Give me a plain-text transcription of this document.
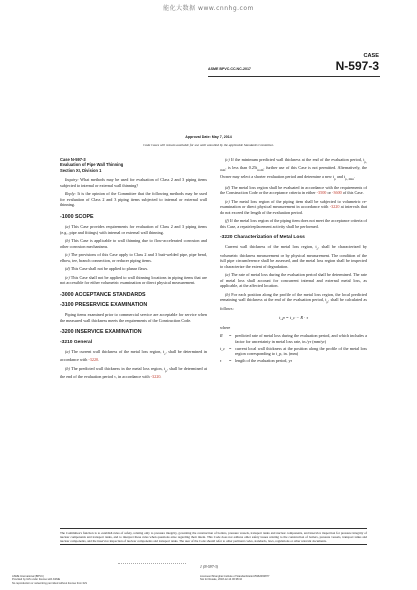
能化大数据 www.cnnhg.com
CASE
N-597-3
ASME BPVC.CC.NC-2017
Approval Date: May 7, 2014
Code Cases will remain available for use until annulled by the applicable Standards Committee.
Case N-597-3
Evaluation of Pipe Wall Thinning
Section XI, Division 1

Inquiry: What methods may be used for evaluation of Class 2 and 3 piping items subjected to internal or external wall thinning?

Reply: It is the opinion of the Committee that the following methods may be used for evaluation of Class 2 and 3 piping items subjected to internal or external wall thinning.

-1000 SCOPE

(a) This Case provides requirements for evaluation of Class 2 and 3 piping items (e.g., pipe and fittings) with internal or external wall thinning.

(b) This Case is applicable to wall thinning due to flow-accelerated corrosion and other corrosion mechanisms.

(c) The provisions of this Case apply to Class 2 and 3 butt-welded pipe, pipe bend, elbow, tee, branch connection, or reducer piping items.

(d) This Case shall not be applied to planar flaws.

(e) This Case shall not be applied to wall thinning locations in piping items that are not accessible for either volumetric examination or direct physical measurement.

-3000 ACCEPTANCE STANDARDS
-3100 PRESERVICE EXAMINATION

Piping items examined prior to commercial service are acceptable for service when the measured wall thickness meets the requirements of the Construction Code.

-3200 INSERVICE EXAMINATION
-3210 General

(a) The current wall thickness of the metal loss region, $t_c$, shall be determined in accordance with -3220.

(b) The predicted wall thickness in the metal loss region, $t_p$, shall be determined at the end of the evaluation period τ, in accordance with -3220.

(c) If the minimum predicted wall thickness at the end of the evaluation period, $t_{p, min}$, is less than $0.25t_{nom}$, further use of this Case is not permitted. Alternatively, the Owner may select a shorter evaluation period and determine a new $t_p$ and $t_{p, min}$.

(d) The metal loss region shall be evaluated in accordance with the requirements of the Construction Code or the acceptance criteria in either -3500 or -3600 of this Case.

(e) The metal loss region of the piping item shall be subjected to volumetric re-examination or direct physical measurement in accordance with -3220 at intervals that do not exceed the length of the evaluation period.

(f) If the metal loss region of the piping item does not meet the acceptance criteria of this Case, a repair/replacement activity shall be performed.

-3220 Characterization of Metal Loss

Current wall thickness of the metal loss region, $t_c$, shall be characterized by volumetric thickness measurement or by physical measurement. The condition of the full pipe circumference shall be assessed, and the metal loss region shall be inspected to characterize the extent of degradation.

(a) The rate of metal loss during the evaluation period shall be determined. The rate of metal loss shall account for concurrent internal and external metal loss, as applicable, at the affected location.

(b) For each position along the profile of the metal loss region, the local predicted remaining wall thickness at the end of the evaluation period, $t_p$, shall be calculated as follows:

t_p = t_c − R · τ

where

R	= predicted rate of metal loss during the evaluation period, and which includes a factor for uncertainty in metal loss rate, in./yr (mm/yr)
t_c = current local wall thickness at the position along the profile of the metal loss region corresponding to t_p, in. (mm)
τ	= length of the evaluation period, yr
The Committee's function is to establish rules of safety, relating only to pressure integrity, governing the construction of boilers, pressure vessels, transport tanks and nuclear components, and inservice inspection for pressure integrity of nuclear components and transport tanks, and to interpret these rules when questions arise regarding their intent. This Code does not address other safety issues relating to the construction of boilers, pressure vessels, transport tanks and nuclear components, and the inservice inspection of nuclear components and transport tanks. The user of the Code should refer to other pertinent codes, standards, laws, regulations or other relevant documents.
1 (N-597-3)
ASME International (BPVC)
Provided by IHS under license with ASME
No reproduction or networking permitted without license from IHS
Licensee=Shanghai Institute of Standardization/5962093877
Not for Resale, 2018-12-14 06:38:10
